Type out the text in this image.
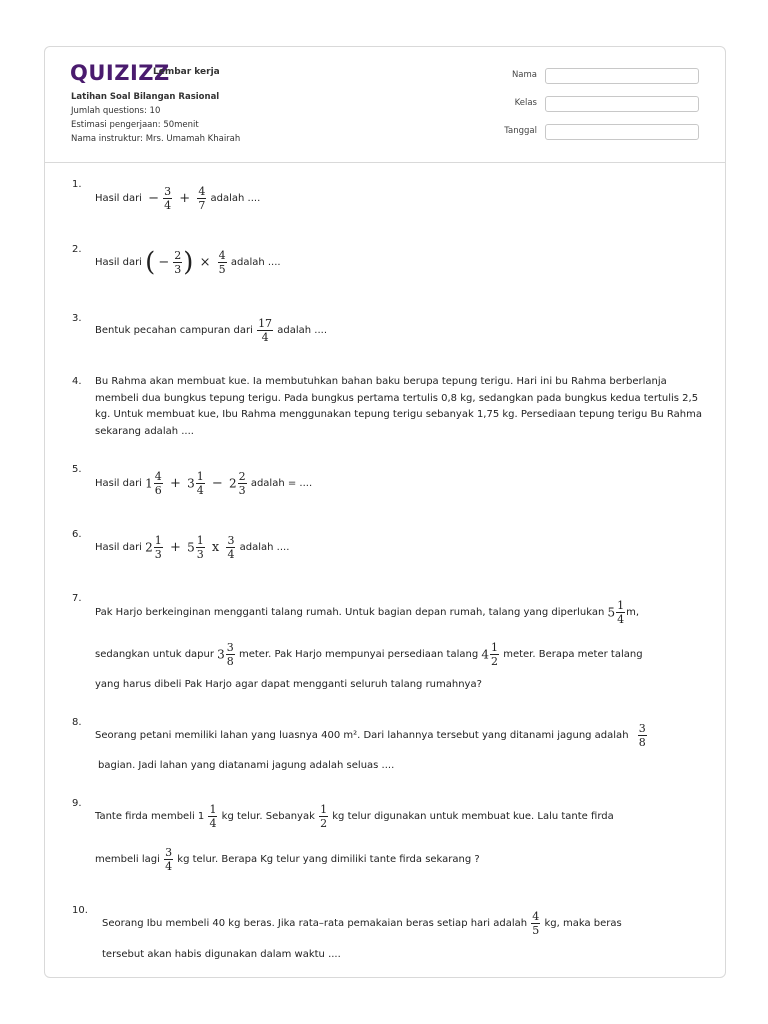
QUIZIZZ
Lembar kerja
Latihan Soal Bilangan Rasional
Jumlah questions: 10
Estimasi pengerjaan: 50menit
Nama instruktur: Mrs. Umamah Khairah
Nama
Kelas
Tanggal
1.
Hasil dari − $\frac{3}{4} + \frac{4}{7}$ adalah ....
2.
Hasil dari ( − $\frac{2}{3}$ ) × $\frac{4}{5}$ adalah ....
3.
Bentuk pecahan campuran dari $\frac{17}{4}$ adalah ....
4. Bu Rahma akan membuat kue. Ia membutuhkan bahan baku berupa tepung terigu. Hari ini bu Rahma berberlanja membeli dua bungkus tepung terigu. Pada bungkus pertama tertulis 0,8 kg, sedangkan pada bungkus kedua tertulis 2,5 kg. Untuk membuat kue, Ibu Rahma menggunakan tepung terigu sebanyak 1,75 kg. Persediaan tepung terigu Bu Rahma sekarang adalah ....
5.
Hasil dari $1 \frac{4}{6} + 3 \frac{1}{4} - 2 \frac{2}{3}$ adalah = ....
6.
Hasil dari $2 \frac{1}{3} + 5 \frac{1}{3}$ x $\frac{3}{4}$ adalah ....
7.
Pak Harjo berkeinginan mengganti talang rumah. Untuk bagian depan rumah, talang yang diperlukan $5 \frac{1}{4} m$,
sedangkan untuk dapur $3 \frac{3}{8}$ meter. Pak Harjo mempunyai persediaan talang $4 \frac{1}{2}$ meter. Berapa meter talang
yang harus dibeli Pak Harjo agar dapat mengganti seluruh talang rumahnya?
8.
Seorang petani memiliki lahan yang luasnya 400 m². Dari lahannya tersebut yang ditanami jagung adalah $\frac{3}{8}$
bagian. Jadi lahan yang diatanami jagung adalah seluas ....
9.
Tante firda membeli $1 \frac{1}{4}$ kg telur. Sebanyak $\frac{1}{2}$ kg telur digunakan untuk membuat kue. Lalu tante firda
membeli lagi $\frac{3}{4}$ kg telur. Berapa Kg telur yang dimiliki tante firda sekarang ?
10.
Seorang Ibu membeli 40 kg beras. Jika rata–rata pemakaian beras setiap hari adalah $\frac{4}{5}$ kg, maka beras
tersebut akan habis digunakan dalam waktu ....
